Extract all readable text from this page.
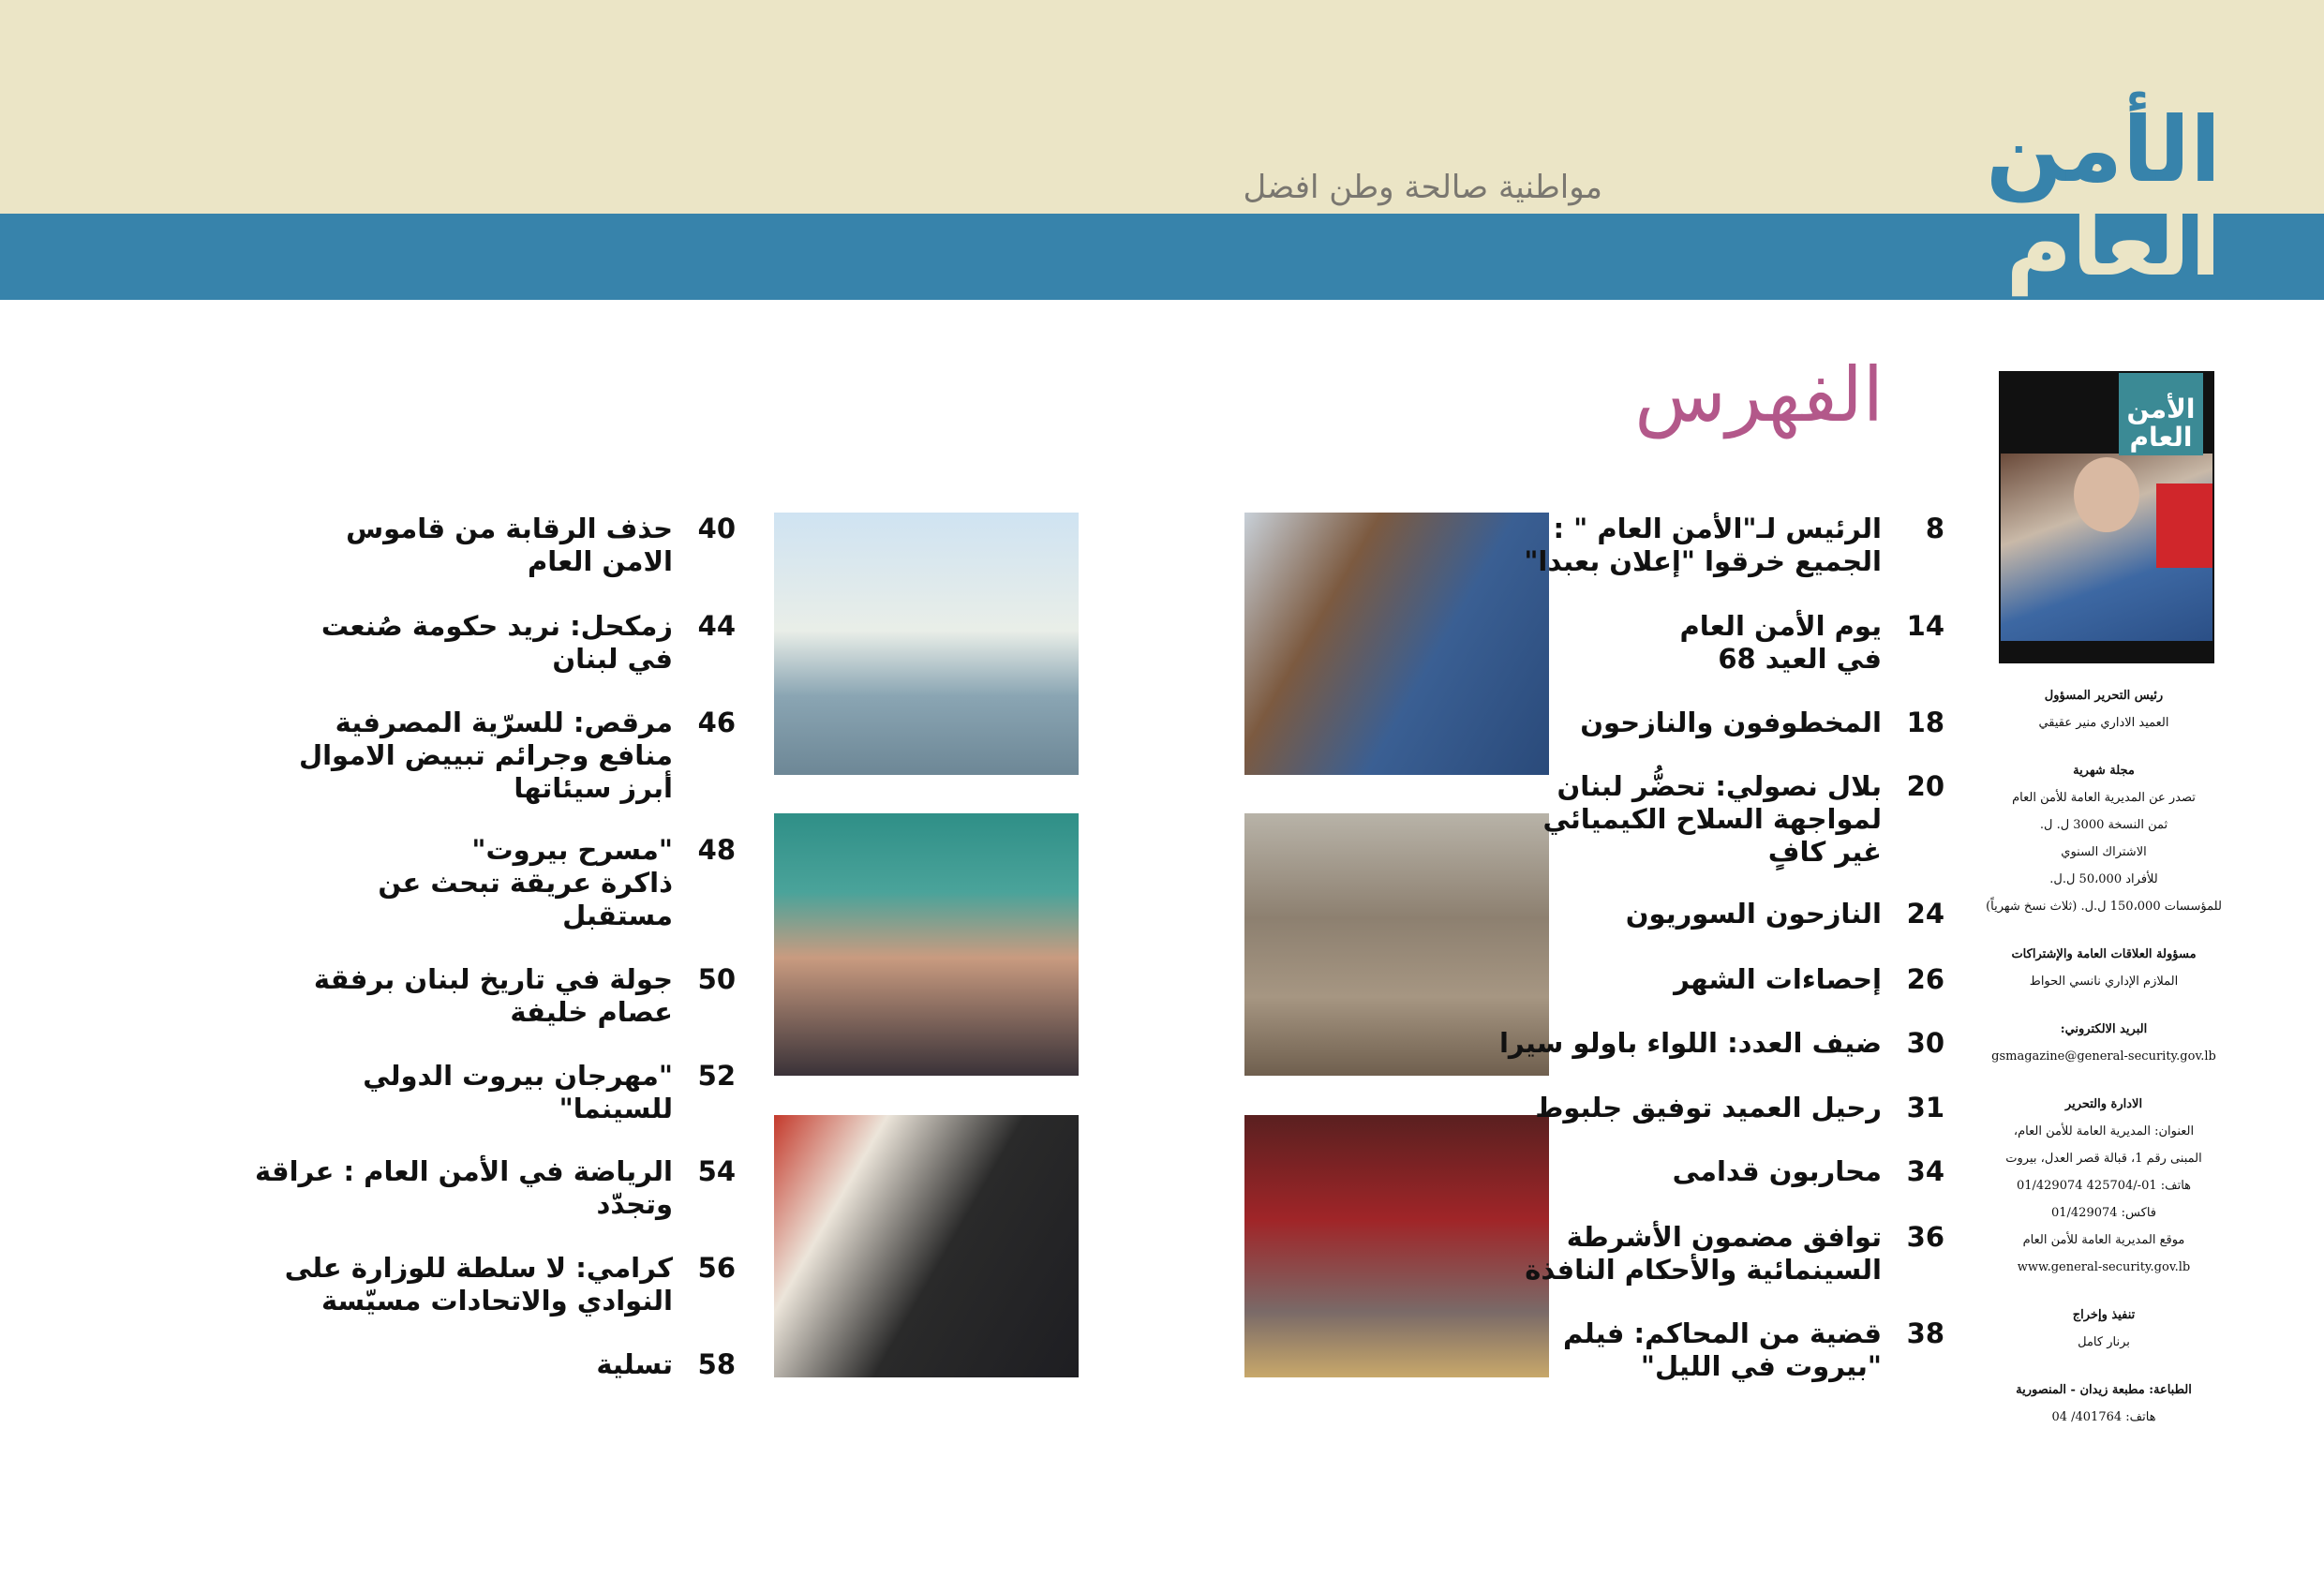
الأمن
العام
مواطنية صالحة وطن افضل
الفهرس	الأمن
العام
رئيس التحرير المسؤول
العميد الاداري منير عقيقي
مجلة شهرية
تصدر عن المديرية العامة للأمن العام
ثمن النسخة 3000 ل. ل.
الاشتراك السنوي
للأفراد 50،000 ل.ل.
للمؤسسات 150،000 ل.ل. (ثلاث نسخ شهرياً)
مسؤولة العلاقات العامة والإشتراكات
الملازم الإداري نانسي الحواط
البريد الالكتروني:
gsmagazine@general-security.gov.lb
الادارة والتحرير
العنوان: المديرية العامة للأمن العام،
المبنى رقم 1، قبالة قصر العدل، بيروت
هاتف: 01-/425704 01/429074
فاكس: 01/429074
موقع المديرية العامة للأمن العام
www.general-security.gov.lb
تنفيذ وإخراج
برنار كامل
الطباعة: مطبعة زيدان - المنصورية
هاتف: 401764/ 04
8
الرئيس لـ"الأمن العام " :
الجميع خرقوا "إعلان بعبدا"
14
يوم الأمن العام
في العيد 68
18
المخطوفون والنازحون
20
بلال نصولي: تحضُّر لبنان
لمواجهة السلاح الكيميائي
غير كافٍ
24
النازحون السوريون
26
إحصاءات الشهر
30
ضيف العدد: اللواء باولو سيرا
31
رحيل العميد توفيق جلبوط
34
محاربون قدامى
36
توافق مضمون الأشرطة
السينمائية والأحكام النافذة
38
قضية من المحاكم: فيلم
"بيروت في الليل"
40
حذف الرقابة من قاموس
الامن العام
44
زمكحل: نريد حكومة صُنعت
في لبنان
46
مرقص: للسرّية المصرفية
منافع وجرائم تبييض الاموال
أبرز سيئاتها
48
"مسرح بيروت"
ذاكرة عريقة تبحث عن
مستقبل
50
جولة في تاريخ لبنان برفقة
عصام خليفة
52
"مهرجان بيروت الدولي
للسينما"
54
الرياضة في الأمن العام : عراقة
وتجدّد
56
كرامي: لا سلطة للوزارة على
النوادي والاتحادات مسيّسة
58
تسلية
